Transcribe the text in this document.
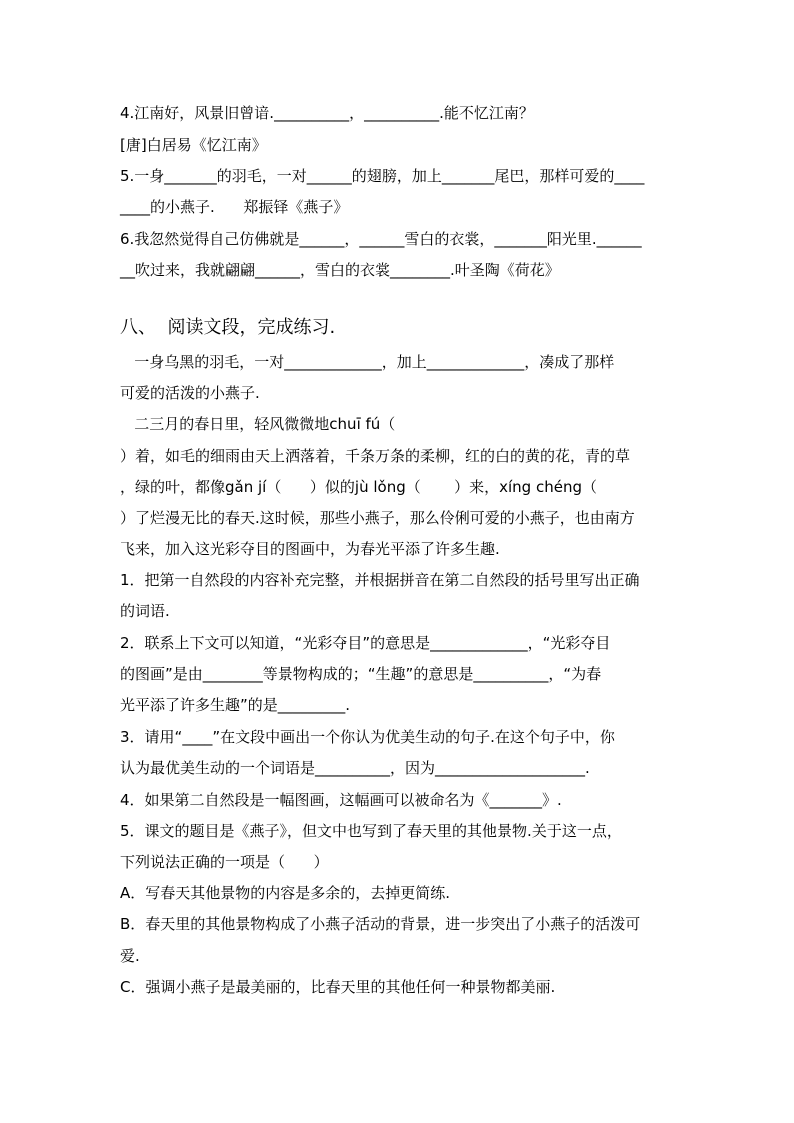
4.江南好，风景旧曾谙.__________，__________.能不忆江南？
[唐]白居易《忆江南》
5.一身_______的羽毛，一对______的翅膀，加上_______尾巴，那样可爱的____
____的小燕子.      郑振铎《燕子》
6.我忽然觉得自己仿佛就是______，______雪白的衣裳，_______阳光里.______
__吹过来，我就翩翩______，雪白的衣裳________.叶圣陶《荷花》
八、  阅读文段，完成练习.
一身乌黑的羽毛，一对_____________，加上_____________，凑成了那样
可爱的活泼的小燕子.
二三月的春日里，轻风微微地chuī fú（
）着，如毛的细雨由天上洒落着，千条万条的柔柳，红的白的黄的花，青的草
，绿的叶，都像gǎn jí（      ）似的jù lǒng（       ）来，xíng chéng（
）了烂漫无比的春天.这时候，那些小燕子，那么伶俐可爱的小燕子，也由南方
飞来，加入这光彩夺目的图画中，为春光平添了许多生趣.
1．把第一自然段的内容补充完整，并根据拼音在第二自然段的括号里写出正确
的词语.
2．联系上下文可以知道，“光彩夺目”的意思是_____________，“光彩夺目
的图画”是由________等景物构成的；“生趣”的意思是__________，“为春
光平添了许多生趣”的是_________.
3．请用“____”在文段中画出一个你认为优美生动的句子.在这个句子中，你
认为最优美生动的一个词语是__________，因为____________________.
4．如果第二自然段是一幅图画，这幅画可以被命名为《_______》.
5．课文的题目是《燕子》，但文中也写到了春天里的其他景物.关于这一点，
下列说法正确的一项是（      ）
A．写春天其他景物的内容是多余的，去掉更简练.
B．春天里的其他景物构成了小燕子活动的背景，进一步突出了小燕子的活泼可
爱.
C．强调小燕子是最美丽的，比春天里的其他任何一种景物都美丽.
